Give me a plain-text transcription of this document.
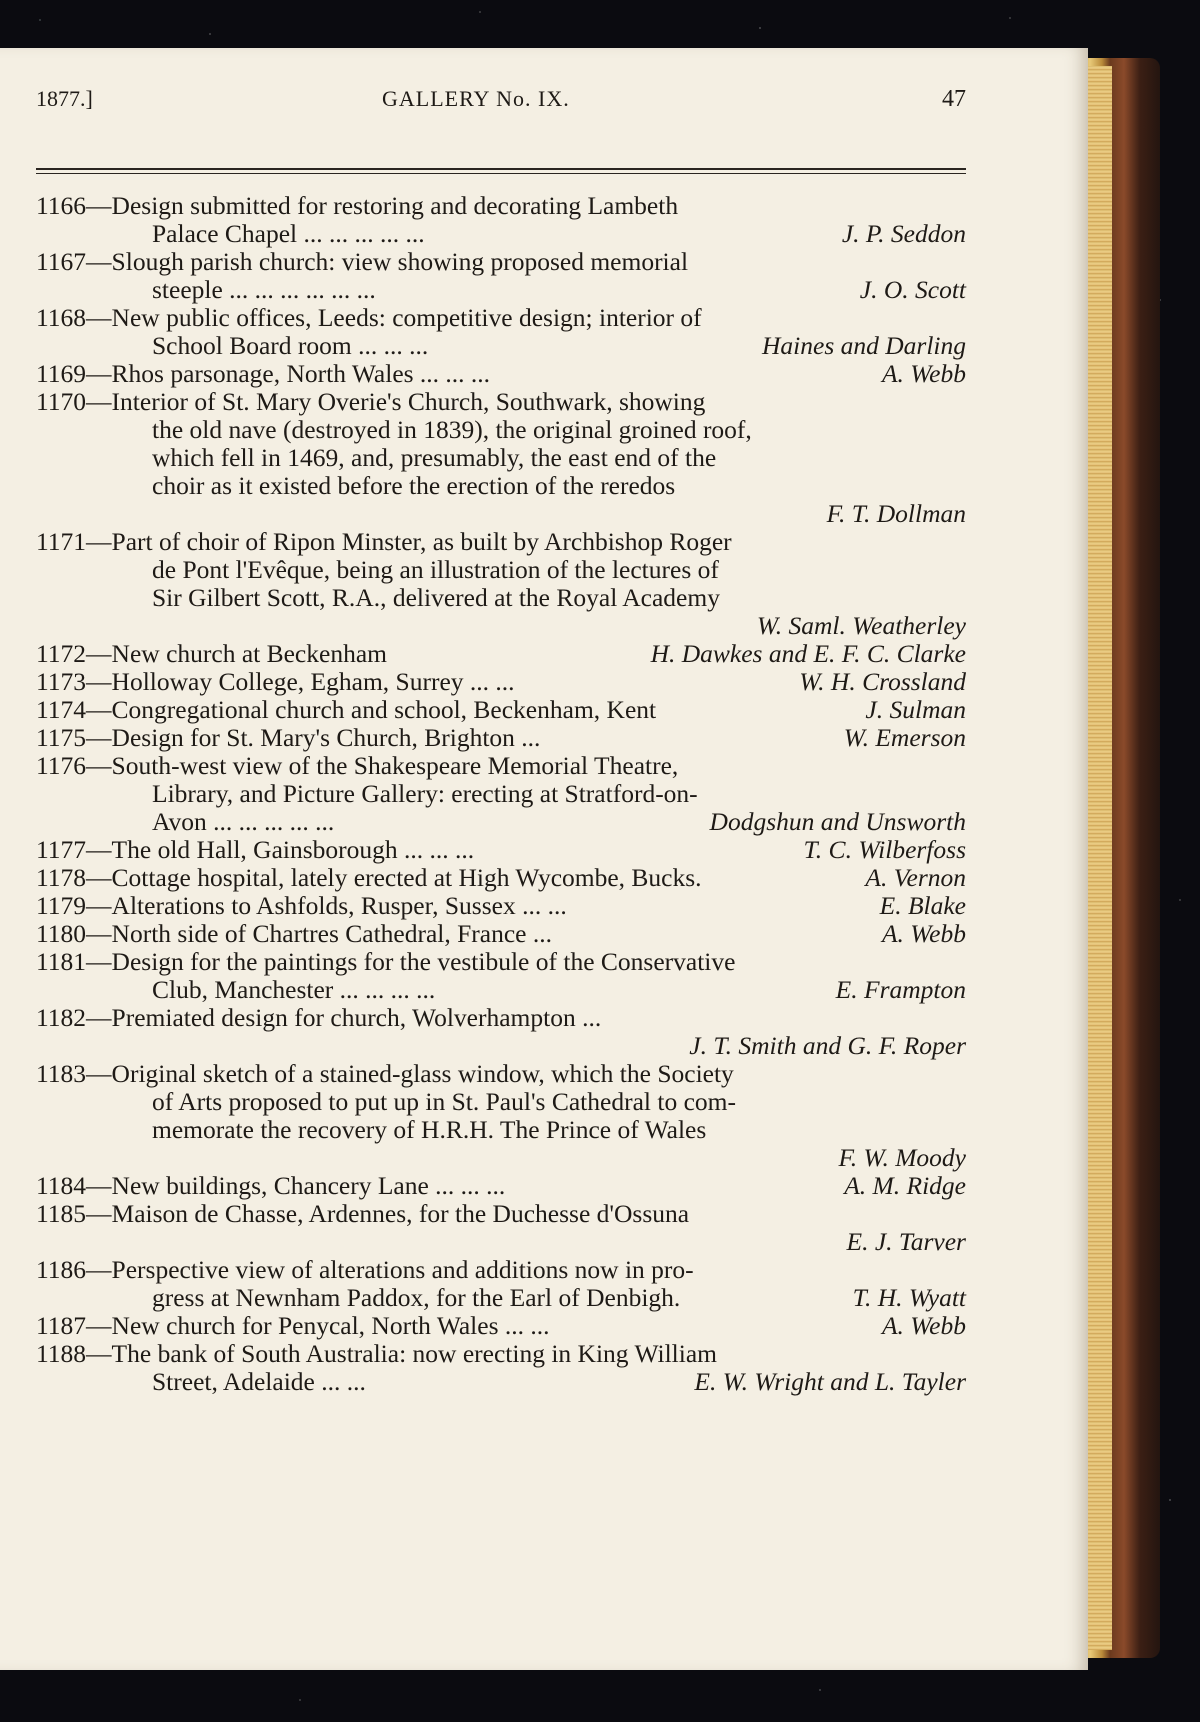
1877.]	GALLERY No. IX.	47
1166—Design submitted for restoring and decorating Lambeth
Palace Chapel ... ... ... ... ...	J. P. Seddon
1167—Slough parish church: view showing proposed memorial
steeple ... ... ... ... ... ...	J. O. Scott
1168—New public offices, Leeds: competitive design; interior of
School Board room ... ... ...	Haines and Darling
1169—Rhos parsonage, North Wales ... ... ...	A. Webb
1170—Interior of St. Mary Overie's Church, Southwark, showing
the old nave (destroyed in 1839), the original groined roof,
which fell in 1469, and, presumably, the east end of the
choir as it existed before the erection of the reredos
F. T. Dollman
1171—Part of choir of Ripon Minster, as built by Archbishop Roger
de Pont l'Evêque, being an illustration of the lectures of
Sir Gilbert Scott, R.A., delivered at the Royal Academy
W. Saml. Weatherley
1172—New church at Beckenham	H. Dawkes and E. F. C. Clarke
1173—Holloway College, Egham, Surrey ... ...	W. H. Crossland
1174—Congregational church and school, Beckenham, Kent	J. Sulman
1175—Design for St. Mary's Church, Brighton ...	W. Emerson
1176—South-west view of the Shakespeare Memorial Theatre,
Library, and Picture Gallery: erecting at Stratford-on-
Avon ... ... ... ... ...	Dodgshun and Unsworth
1177—The old Hall, Gainsborough ... ... ...	T. C. Wilberfoss
1178—Cottage hospital, lately erected at High Wycombe, Bucks.	A. Vernon
1179—Alterations to Ashfolds, Rusper, Sussex ... ...	E. Blake
1180—North side of Chartres Cathedral, France ...	A. Webb
1181—Design for the paintings for the vestibule of the Conservative
Club, Manchester ... ... ... ...	E. Frampton
1182—Premiated design for church, Wolverhampton ...
J. T. Smith and G. F. Roper
1183—Original sketch of a stained-glass window, which the Society
of Arts proposed to put up in St. Paul's Cathedral to com-
memorate the recovery of H.R.H. The Prince of Wales
F. W. Moody
1184—New buildings, Chancery Lane ... ... ...	A. M. Ridge
1185—Maison de Chasse, Ardennes, for the Duchesse d'Ossuna
E. J. Tarver
1186—Perspective view of alterations and additions now in pro-
gress at Newnham Paddox, for the Earl of Denbigh.	T. H. Wyatt
1187—New church for Penycal, North Wales ... ...	A. Webb
1188—The bank of South Australia: now erecting in King William
Street, Adelaide ... ...	E. W. Wright and L. Tayler
